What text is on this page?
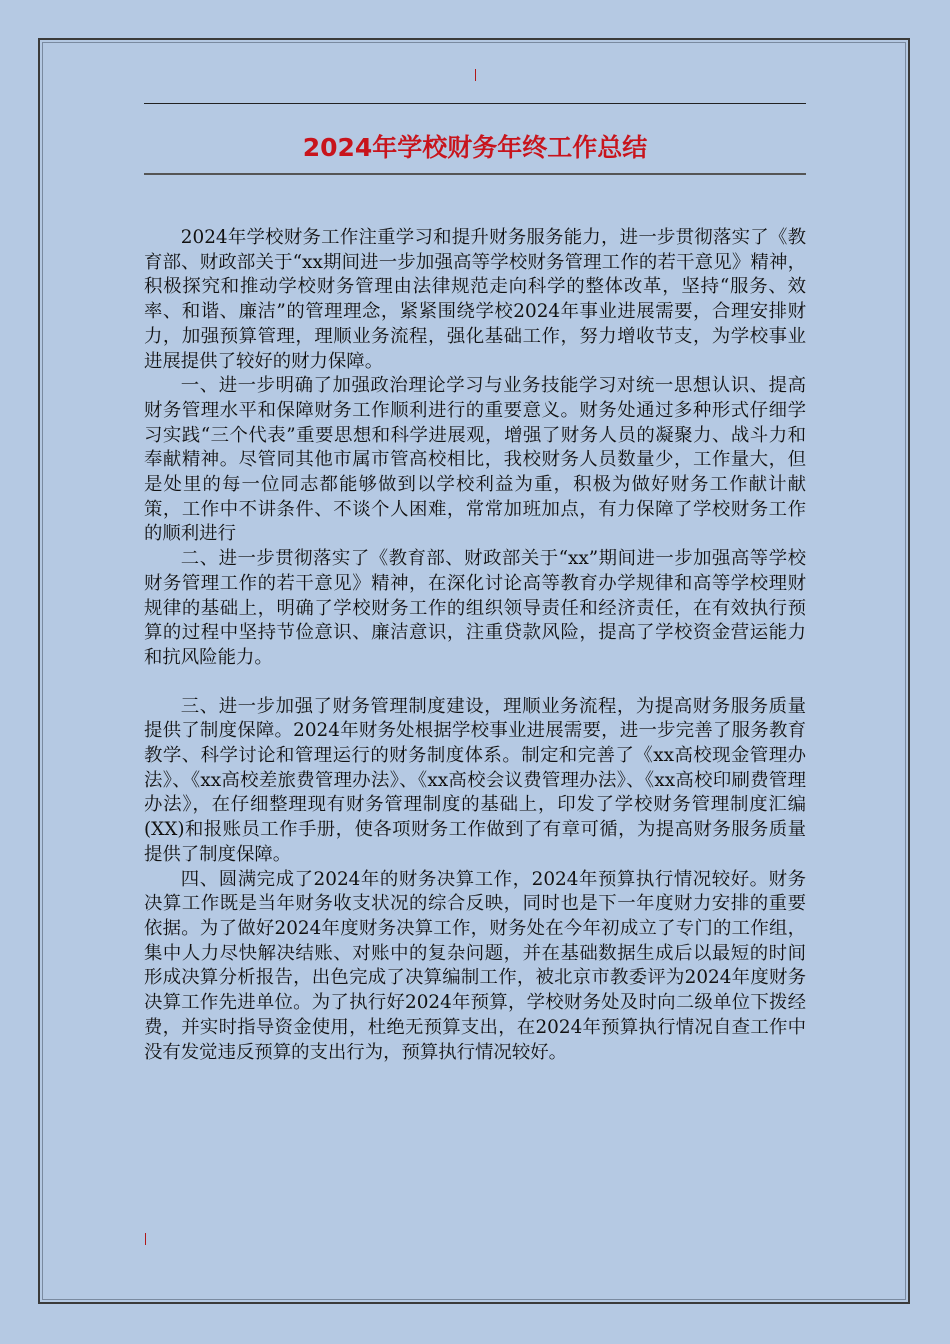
2024年学校财务年终工作总结

2024年学校财务工作注重学习和提升财务服务能力，进一步贯彻落实了《教育部、财政部关于“xx期间进一步加强高等学校财务管理工作的若干意见》精神，积极探究和推动学校财务管理由法律规范走向科学的整体改革，坚持“服务、效率、和谐、廉洁”的管理理念，紧紧围绕学校2024年事业进展需要，合理安排财力，加强预算管理，理顺业务流程，强化基础工作，努力增收节支，为学校事业进展提供了较好的财力保障。

一、进一步明确了加强政治理论学习与业务技能学习对统一思想认识、提高财务管理水平和保障财务工作顺利进行的重要意义。财务处通过多种形式仔细学习实践“三个代表”重要思想和科学进展观，增强了财务人员的凝聚力、战斗力和奉献精神。尽管同其他市属市管高校相比，我校财务人员数量少，工作量大，但是处里的每一位同志都能够做到以学校利益为重，积极为做好财务工作献计献策，工作中不讲条件、不谈个人困难，常常加班加点，有力保障了学校财务工作的顺利进行

二、进一步贯彻落实了《教育部、财政部关于“xx”期间进一步加强高等学校财务管理工作的若干意见》精神，在深化讨论高等教育办学规律和高等学校理财规律的基础上，明确了学校财务工作的组织领导责任和经济责任，在有效执行预算的过程中坚持节俭意识、廉洁意识，注重贷款风险，提高了学校资金营运能力和抗风险能力。

三、进一步加强了财务管理制度建设，理顺业务流程，为提高财务服务质量提供了制度保障。2024年财务处根据学校事业进展需要，进一步完善了服务教育教学、科学讨论和管理运行的财务制度体系。制定和完善了《xx高校现金管理办法》、《xx高校差旅费管理办法》、《xx高校会议费管理办法》、《xx高校印刷费管理办法》，在仔细整理现有财务管理制度的基础上，印发了学校财务管理制度汇编(XX)和报账员工作手册，使各项财务工作做到了有章可循，为提高财务服务质量提供了制度保障。

四、圆满完成了2024年的财务决算工作，2024年预算执行情况较好。财务决算工作既是当年财务收支状况的综合反映，同时也是下一年度财力安排的重要依据。为了做好2024年度财务决算工作，财务处在今年初成立了专门的工作组，集中人力尽快解决结账、对账中的复杂问题，并在基础数据生成后以最短的时间形成决算分析报告，出色完成了决算编制工作，被北京市教委评为2024年度财务决算工作先进单位。为了执行好2024年预算，学校财务处及时向二级单位下拨经费，并实时指导资金使用，杜绝无预算支出，在2024年预算执行情况自查工作中没有发觉违反预算的支出行为，预算执行情况较好。
